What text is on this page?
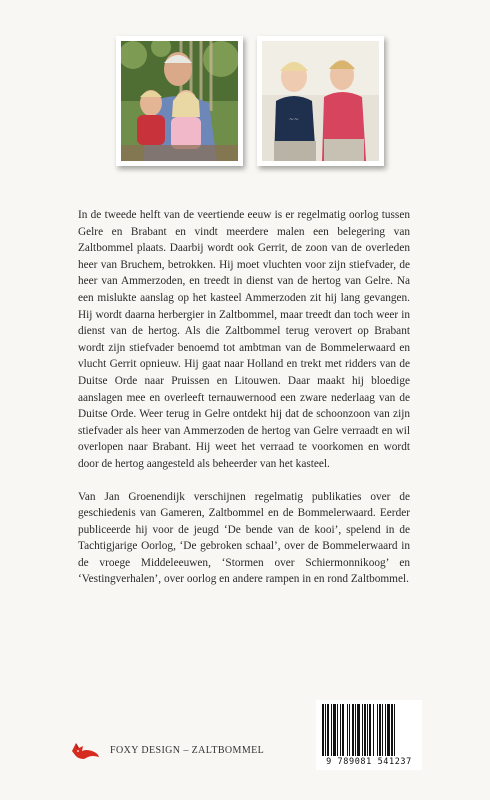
~~

In de tweede helft van de veertiende eeuw is er regelmatig oorlog tussen Gelre en Brabant en vindt meerdere malen een belegering van Zaltbommel plaats. Daarbij wordt ook Gerrit, de zoon van de overleden heer van Bruchem, betrokken. Hij moet vluchten voor zijn stiefvader, de heer van Ammerzoden, en treedt in dienst van de hertog van Gelre. Na een mislukte aanslag op het kasteel Ammerzoden zit hij lang gevangen. Hij wordt daarna herbergier in Zaltbommel, maar treedt dan toch weer in dienst van de hertog. Als die Zaltbommel terug verovert op Brabant wordt zijn stiefvader benoemd tot ambtman van de Bommelerwaard en vlucht Gerrit opnieuw. Hij gaat naar Holland en trekt met ridders van de Duitse Orde naar Pruissen en Litouwen. Daar maakt hij bloedige aanslagen mee en overleeft ternauwernood een zware nederlaag van de Duitse Orde. Weer terug in Gelre ontdekt hij dat de schoonzoon van zijn stiefvader als heer van Ammerzoden de hertog van Gelre verraadt en wil overlopen naar Brabant. Hij weet het verraad te voorkomen en wordt door de hertog aangesteld als beheerder van het kasteel.

Van Jan Groenendijk verschijnen regelmatig publikaties over de geschiedenis van Gameren, Zaltbommel en de Bommelerwaard. Eerder publiceerde hij voor de jeugd ‘De bende van de kooi’, spelend in de Tachtigjarige Oorlog, ‘De gebroken schaal’, over de Bommelerwaard in de vroege Middeleeuwen, ‘Stormen over Schiermonnikoog’ en ‘Vestingverhalen’, over oorlog en andere rampen in en rond Zaltbommel.

FOXY DESIGN – ZALTBOMMEL
9 789081 541237
